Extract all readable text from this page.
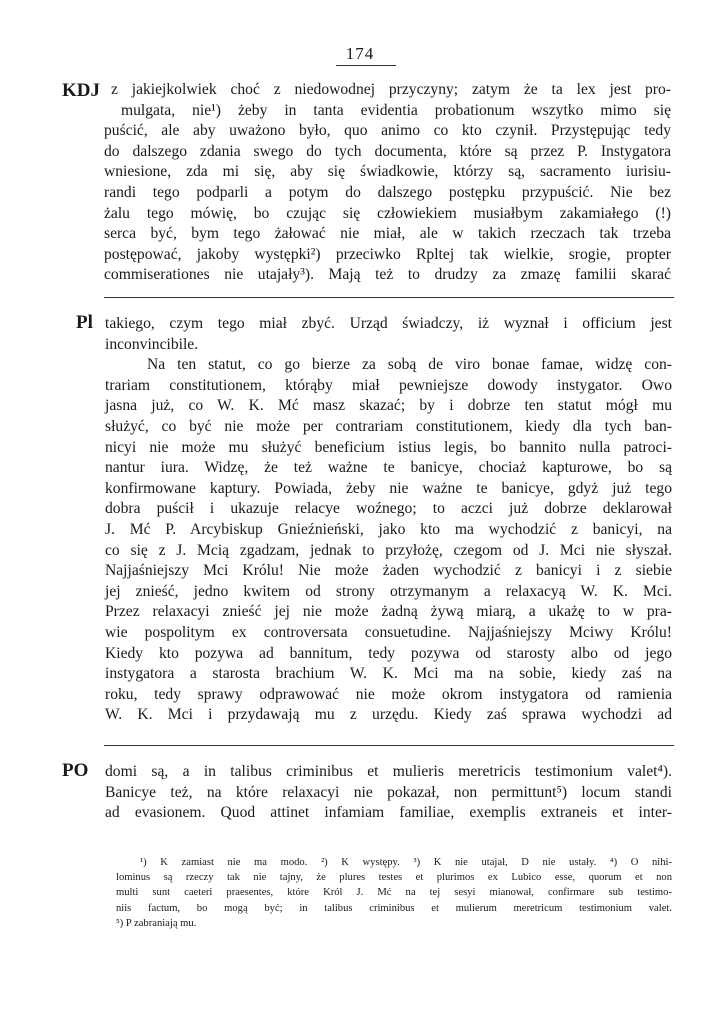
174
KDJ z jakiejkolwiek choć z niedowodnej przyczyny; zatym że ta lex jest pro-
mulgata, nie¹) żeby in tanta evidentia probationum wszytko mimo się
puścić, ale aby uważono było, quo animo co kto czynił. Przystępując tedy
do dalszego zdania swego do tych documenta, które są przez P. Instygatora
wniesione, zda mi się, aby się świadkowie, którzy są, sacramento iurisiu-
randi tego podparli a potym do dalszego postępku przypuścić. Nie bez
żalu tego mówię, bo czując się człowiekiem musiałbym zakamiałego (!)
serca być, bym tego żałować nie miał, ale w takich rzeczach tak trzeba
postępować, jakoby występki²) przeciwko Rpltej tak wielkie, srogie, propter
commiserationes nie utajały³). Mają też to drudzy za zmazę familii skarać
Pl takiego, czym tego miał zbyć. Urząd świadczy, iż wyznał i officium jest
inconvincibile.
Na ten statut, co go bierze za sobą de viro bonae famae, widzę con-
trariam constitutionem, którąby miał pewniejsze dowody instygator. Owo
jasna już, co W. K. Mć masz skazać; by i dobrze ten statut mógł mu
służyć, co być nie może per contrariam constitutionem, kiedy dla tych ban-
nicyi nie może mu służyć beneficium istius legis, bo bannito nulla patroci-
nantur iura. Widzę, że też ważne te banicye, chociaż kapturowe, bo są
konfirmowane kaptury. Powiada, żeby nie ważne te banicye, gdyż już tego
dobra puścił i ukazuje relacye woźnego; to aczci już dobrze deklarował
J. Mć P. Arcybiskup Gnieźnieński, jako kto ma wychodzić z banicyi, na
co się z J. Mcią zgadzam, jednak to przyłożę, czegom od J. Mci nie słyszał.
Najjaśniejszy Mci Królu! Nie może żaden wychodzić z banicyi i z siebie
jej znieść, jedno kwitem od strony otrzymanym a relaxacyą W. K. Mci.
Przez relaxacyi znieść jej nie może żadną żywą miarą, a ukażę to w pra-
wie pospolitym ex controversata consuetudine. Najjaśniejszy Mciwy Królu!
Kiedy kto pozywa ad bannitum, tedy pozywa od starosty albo od jego
instygatora a starosta brachium W. K. Mci ma na sobie, kiedy zaś na
roku, tedy sprawy odprawować nie może okrom instygatora od ramienia
W. K. Mci i przydawają mu z urzędu. Kiedy zaś sprawa wychodzi ad
PO domi są, a in talibus criminibus et mulieris meretricis testimonium valet⁴).
Banicye też, na które relaxacyi nie pokazał, non permittunt⁵) locum standi
ad evasionem. Quod attinet infamiam familiae, exemplis extraneis et inter-
¹) K zamiast nie ma modo. ²) K występy. ³) K nie utajał, D nie ustały. ⁴) O nihi-
lominus są rzeczy tak nie tajny, że plures testes et plurimos ex Lubico esse, quorum et non
multi sunt caeteri praesentes, które Król J. Mć na tej sesyi mianował, confirmare sub testimo-
niis factum, bo mogą być; in talibus criminibus et mulierum meretricum testimonium valet.
⁵) P zabraniają mu.
